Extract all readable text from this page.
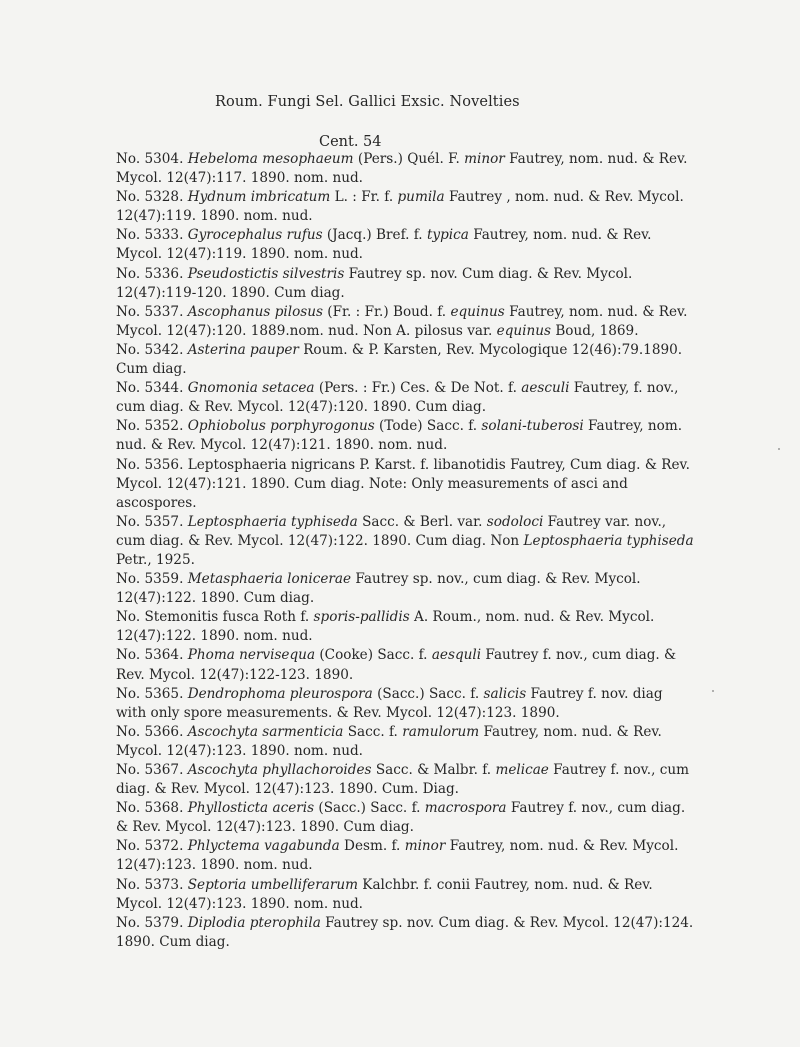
Roum. Fungi Sel. Gallici Exsic. Novelties
Cent. 54

No. 5304. Hebeloma mesophaeum (Pers.) Quél. F. minor Fautrey, nom. nud. & Rev. Mycol. 12(47):117. 1890. nom. nud.

No. 5328. Hydnum imbricatum L. : Fr. f. pumila Fautrey , nom. nud. & Rev. Mycol. 12(47):119. 1890. nom. nud.

No. 5333. Gyrocephalus rufus (Jacq.) Bref. f. typica Fautrey, nom. nud. & Rev. Mycol. 12(47):119. 1890. nom. nud.

No. 5336. Pseudostictis silvestris Fautrey sp. nov. Cum diag. & Rev. Mycol. 12(47):119-120. 1890. Cum diag.

No. 5337. Ascophanus pilosus (Fr. : Fr.) Boud. f. equinus Fautrey, nom. nud. & Rev. Mycol. 12(47):120. 1889.nom. nud. Non A. pilosus var. equinus Boud, 1869.

No. 5342. Asterina pauper Roum. & P. Karsten, Rev. Mycologique 12(46):79.1890. Cum diag.

No. 5344. Gnomonia setacea (Pers. : Fr.) Ces. & De Not. f. aesculi Fautrey, f. nov., cum diag. & Rev. Mycol. 12(47):120. 1890. Cum diag.

No. 5352. Ophiobolus porphyrogonus (Tode) Sacc. f. solani-tuberosi Fautrey, nom. nud. & Rev. Mycol. 12(47):121. 1890. nom. nud.

No. 5356. Leptosphaeria nigricans P. Karst. f. libanotidis Fautrey, Cum diag. & Rev. Mycol. 12(47):121. 1890. Cum diag. Note: Only measurements of asci and ascospores.

No. 5357. Leptosphaeria typhiseda Sacc. & Berl. var. sodoloci Fautrey var. nov., cum diag. & Rev. Mycol. 12(47):122. 1890. Cum diag. Non Leptosphaeria typhiseda Petr., 1925.

No. 5359. Metasphaeria lonicerae Fautrey sp. nov., cum diag. & Rev. Mycol. 12(47):122. 1890. Cum diag.

No. Stemonitis fusca Roth f. sporis-pallidis A. Roum., nom. nud. & Rev. Mycol. 12(47):122. 1890. nom. nud.

No. 5364. Phoma nervisequa (Cooke) Sacc. f. aesquli Fautrey f. nov., cum diag. & Rev. Mycol. 12(47):122-123. 1890.

No. 5365. Dendrophoma pleurospora (Sacc.) Sacc. f. salicis Fautrey f. nov. diag with only spore measurements. & Rev. Mycol. 12(47):123. 1890.

No. 5366. Ascochyta sarmenticia Sacc. f. ramulorum Fautrey, nom. nud. & Rev. Mycol. 12(47):123. 1890. nom. nud.

No. 5367. Ascochyta phyllachoroides Sacc. & Malbr. f. melicae Fautrey f. nov., cum diag. & Rev. Mycol. 12(47):123. 1890. Cum. Diag.

No. 5368. Phyllosticta aceris (Sacc.) Sacc. f. macrospora Fautrey f. nov., cum diag. & Rev. Mycol. 12(47):123. 1890. Cum diag.

No. 5372. Phlyctema vagabunda Desm. f. minor Fautrey, nom. nud. & Rev. Mycol. 12(47):123. 1890. nom. nud.

No. 5373. Septoria umbelliferarum Kalchbr. f. conii Fautrey, nom. nud. & Rev. Mycol. 12(47):123. 1890. nom. nud.

No. 5379. Diplodia pterophila Fautrey sp. nov. Cum diag. & Rev. Mycol. 12(47):124. 1890. Cum diag.
